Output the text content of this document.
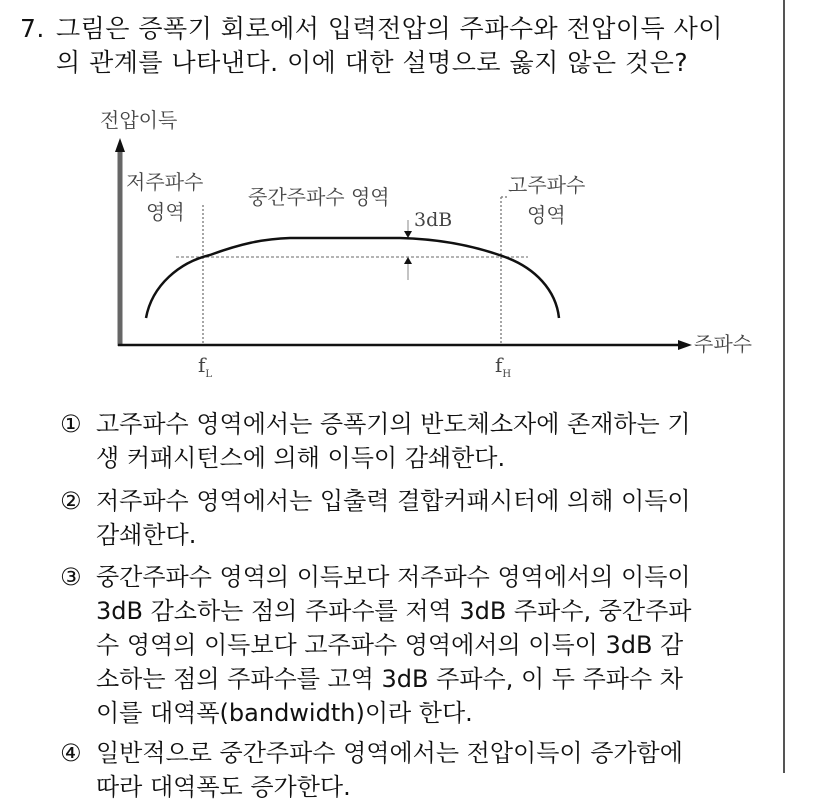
7. 그림은 증폭기 회로에서 입력전압의 주파수와 전압이득 사이
의 관계를 나타낸다. 이에 대한 설명으로 옳지 않은 것은?
전압이득
저주파수
영역
중간주파수 영역
3dB
고주파수
영역
주파수
$f_L$	$f_H$
① 고주파수 영역에서는 증폭기의 반도체소자에 존재하는 기
생 커패시턴스에 의해 이득이 감쇄한다.
② 저주파수 영역에서는 입출력 결합커패시터에 의해 이득이
감쇄한다.
③ 중간주파수 영역의 이득보다 저주파수 영역에서의 이득이
3dB 감소하는 점의 주파수를 저역 3dB 주파수, 중간주파
수 영역의 이득보다 고주파수 영역에서의 이득이 3dB 감
소하는 점의 주파수를 고역 3dB 주파수, 이 두 주파수 차
이를 대역폭(bandwidth)이라 한다.
④ 일반적으로 중간주파수 영역에서는 전압이득이 증가함에
따라 대역폭도 증가한다.
